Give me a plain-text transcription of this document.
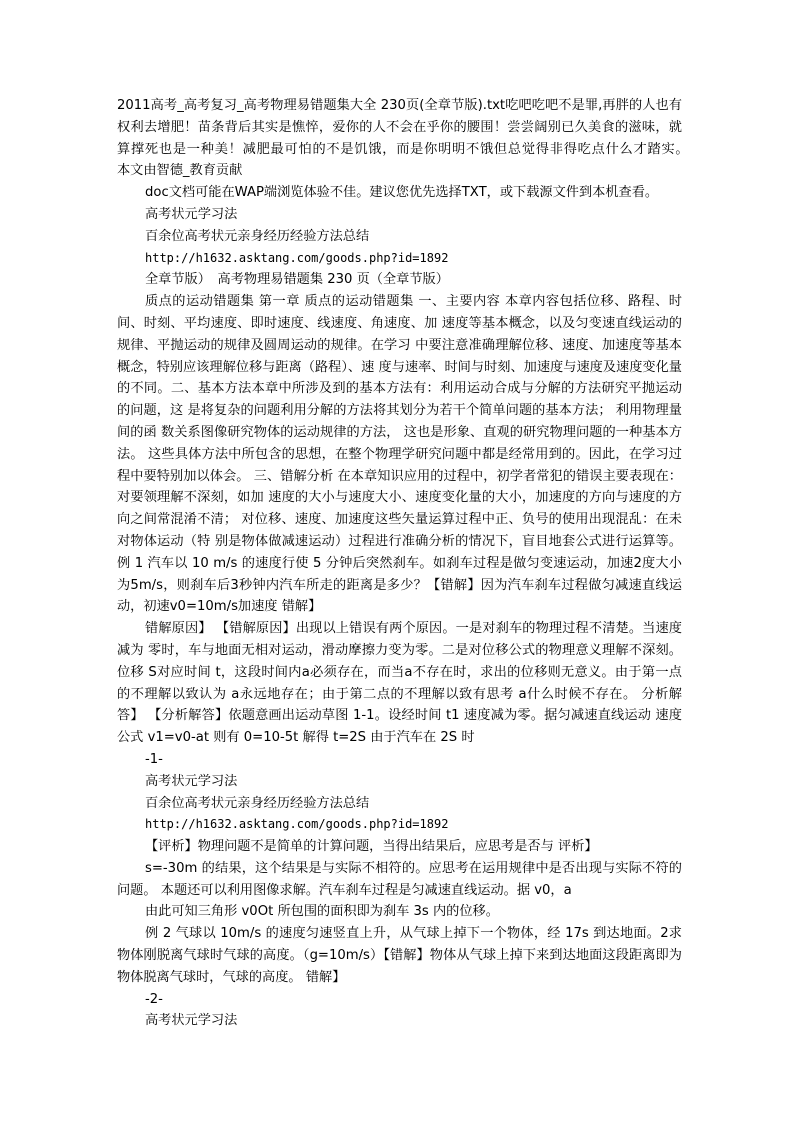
2011高考_高考复习_高考物理易错题集大全 230页(全章节版).txt吃吧吃吧不是罪,再胖的人也有权利去增肥！苗条背后其实是憔悴，爱你的人不会在乎你的腰围！尝尝阔别已久美食的滋味，就算撑死也是一种美！减肥最可怕的不是饥饿，而是你明明不饿但总觉得非得吃点什么才踏实。　　本文由智德_教育贡献

doc文档可能在WAP端浏览体验不佳。建议您优先选择TXT，或下载源文件到本机查看。

高考状元学习法

百余位高考状元亲身经历经验方法总结

http://h1632.asktang.com/goods.php?id=1892

全章节版）　高考物理易错题集 230 页（全章节版）

质点的运动错题集 第一章 质点的运动错题集 一、主要内容 本章内容包括位移、路程、时间、时刻、平均速度、即时速度、线速度、角速度、加 速度等基本概念，以及匀变速直线运动的规律、平抛运动的规律及圆周运动的规律。在学习 中要注意准确理解位移、速度、加速度等基本概念，特别应该理解位移与距离（路程）、速 度与速率、时间与时刻、加速度与速度及速度变化量的不同。二、基本方法本章中所涉及到的基本方法有：利用运动合成与分解的方法研究平抛运动的问题，这 是将复杂的问题利用分解的方法将其划分为若干个简单问题的基本方法； 利用物理量间的函 数关系图像研究物体的运动规律的方法， 这也是形象、直观的研究物理问题的一种基本方法。 这些具体方法中所包含的思想，在整个物理学研究问题中都是经常用到的。因此，在学习过 程中要特别加以体会。 三、错解分析 在本章知识应用的过程中，初学者常犯的错误主要表现在：对要领理解不深刻，如加 速度的大小与速度大小、速度变化量的大小，加速度的方向与速度的方向之间常混淆不清； 对位移、速度、加速度这些矢量运算过程中正、负号的使用出现混乱：在未对物体运动（特 别是物体做减速运动）过程进行准确分析的情况下，盲目地套公式进行运算等。 例 1 汽车以 10 m/s 的速度行使 5 分钟后突然刹车。如刹车过程是做匀变速运动，加速2度大小为5m/s，则刹车后3秒钟内汽车所走的距离是多少？【错解】因为汽车刹车过程做匀减速直线运动，初速v0=10m/s加速度 错解】

错解原因】 【错解原因】出现以上错误有两个原因。一是对刹车的物理过程不清楚。当速度减为 零时，车与地面无相对运动，滑动摩擦力变为零。二是对位移公式的物理意义理解不深刻。 位移 S对应时间 t，这段时间内a必须存在，而当a不存在时，求出的位移则无意义。由于第一点的不理解以致认为 a永远地存在；由于第二点的不理解以致有思考 a什么时候不存在。 分析解答】 【分析解答】依题意画出运动草图 1-1。设经时间 t1 速度减为零。据匀减速直线运动 速度公式 v1=v0-at 则有 0=10-5t 解得 t=2S 由于汽车在 2S 时

-1-

高考状元学习法

百余位高考状元亲身经历经验方法总结

http://h1632.asktang.com/goods.php?id=1892

【评析】物理问题不是简单的计算问题，当得出结果后，应思考是否与 评析】

s=-30m 的结果，这个结果是与实际不相符的。应思考在运用规律中是否出现与实际不符的 问题。 本题还可以利用图像求解。汽车刹车过程是匀减速直线运动。据 v0，a

由此可知三角形 v0Ot 所包围的面积即为刹车 3s 内的位移。

例 2 气球以 10m/s 的速度匀速竖直上升，从气球上掉下一个物体，经 17s 到达地面。2求物体刚脱离气球时气球的高度。（g=10m/s）【错解】物体从气球上掉下来到达地面这段距离即为物体脱离气球时，气球的高度。 错解】

-2-

高考状元学习法
